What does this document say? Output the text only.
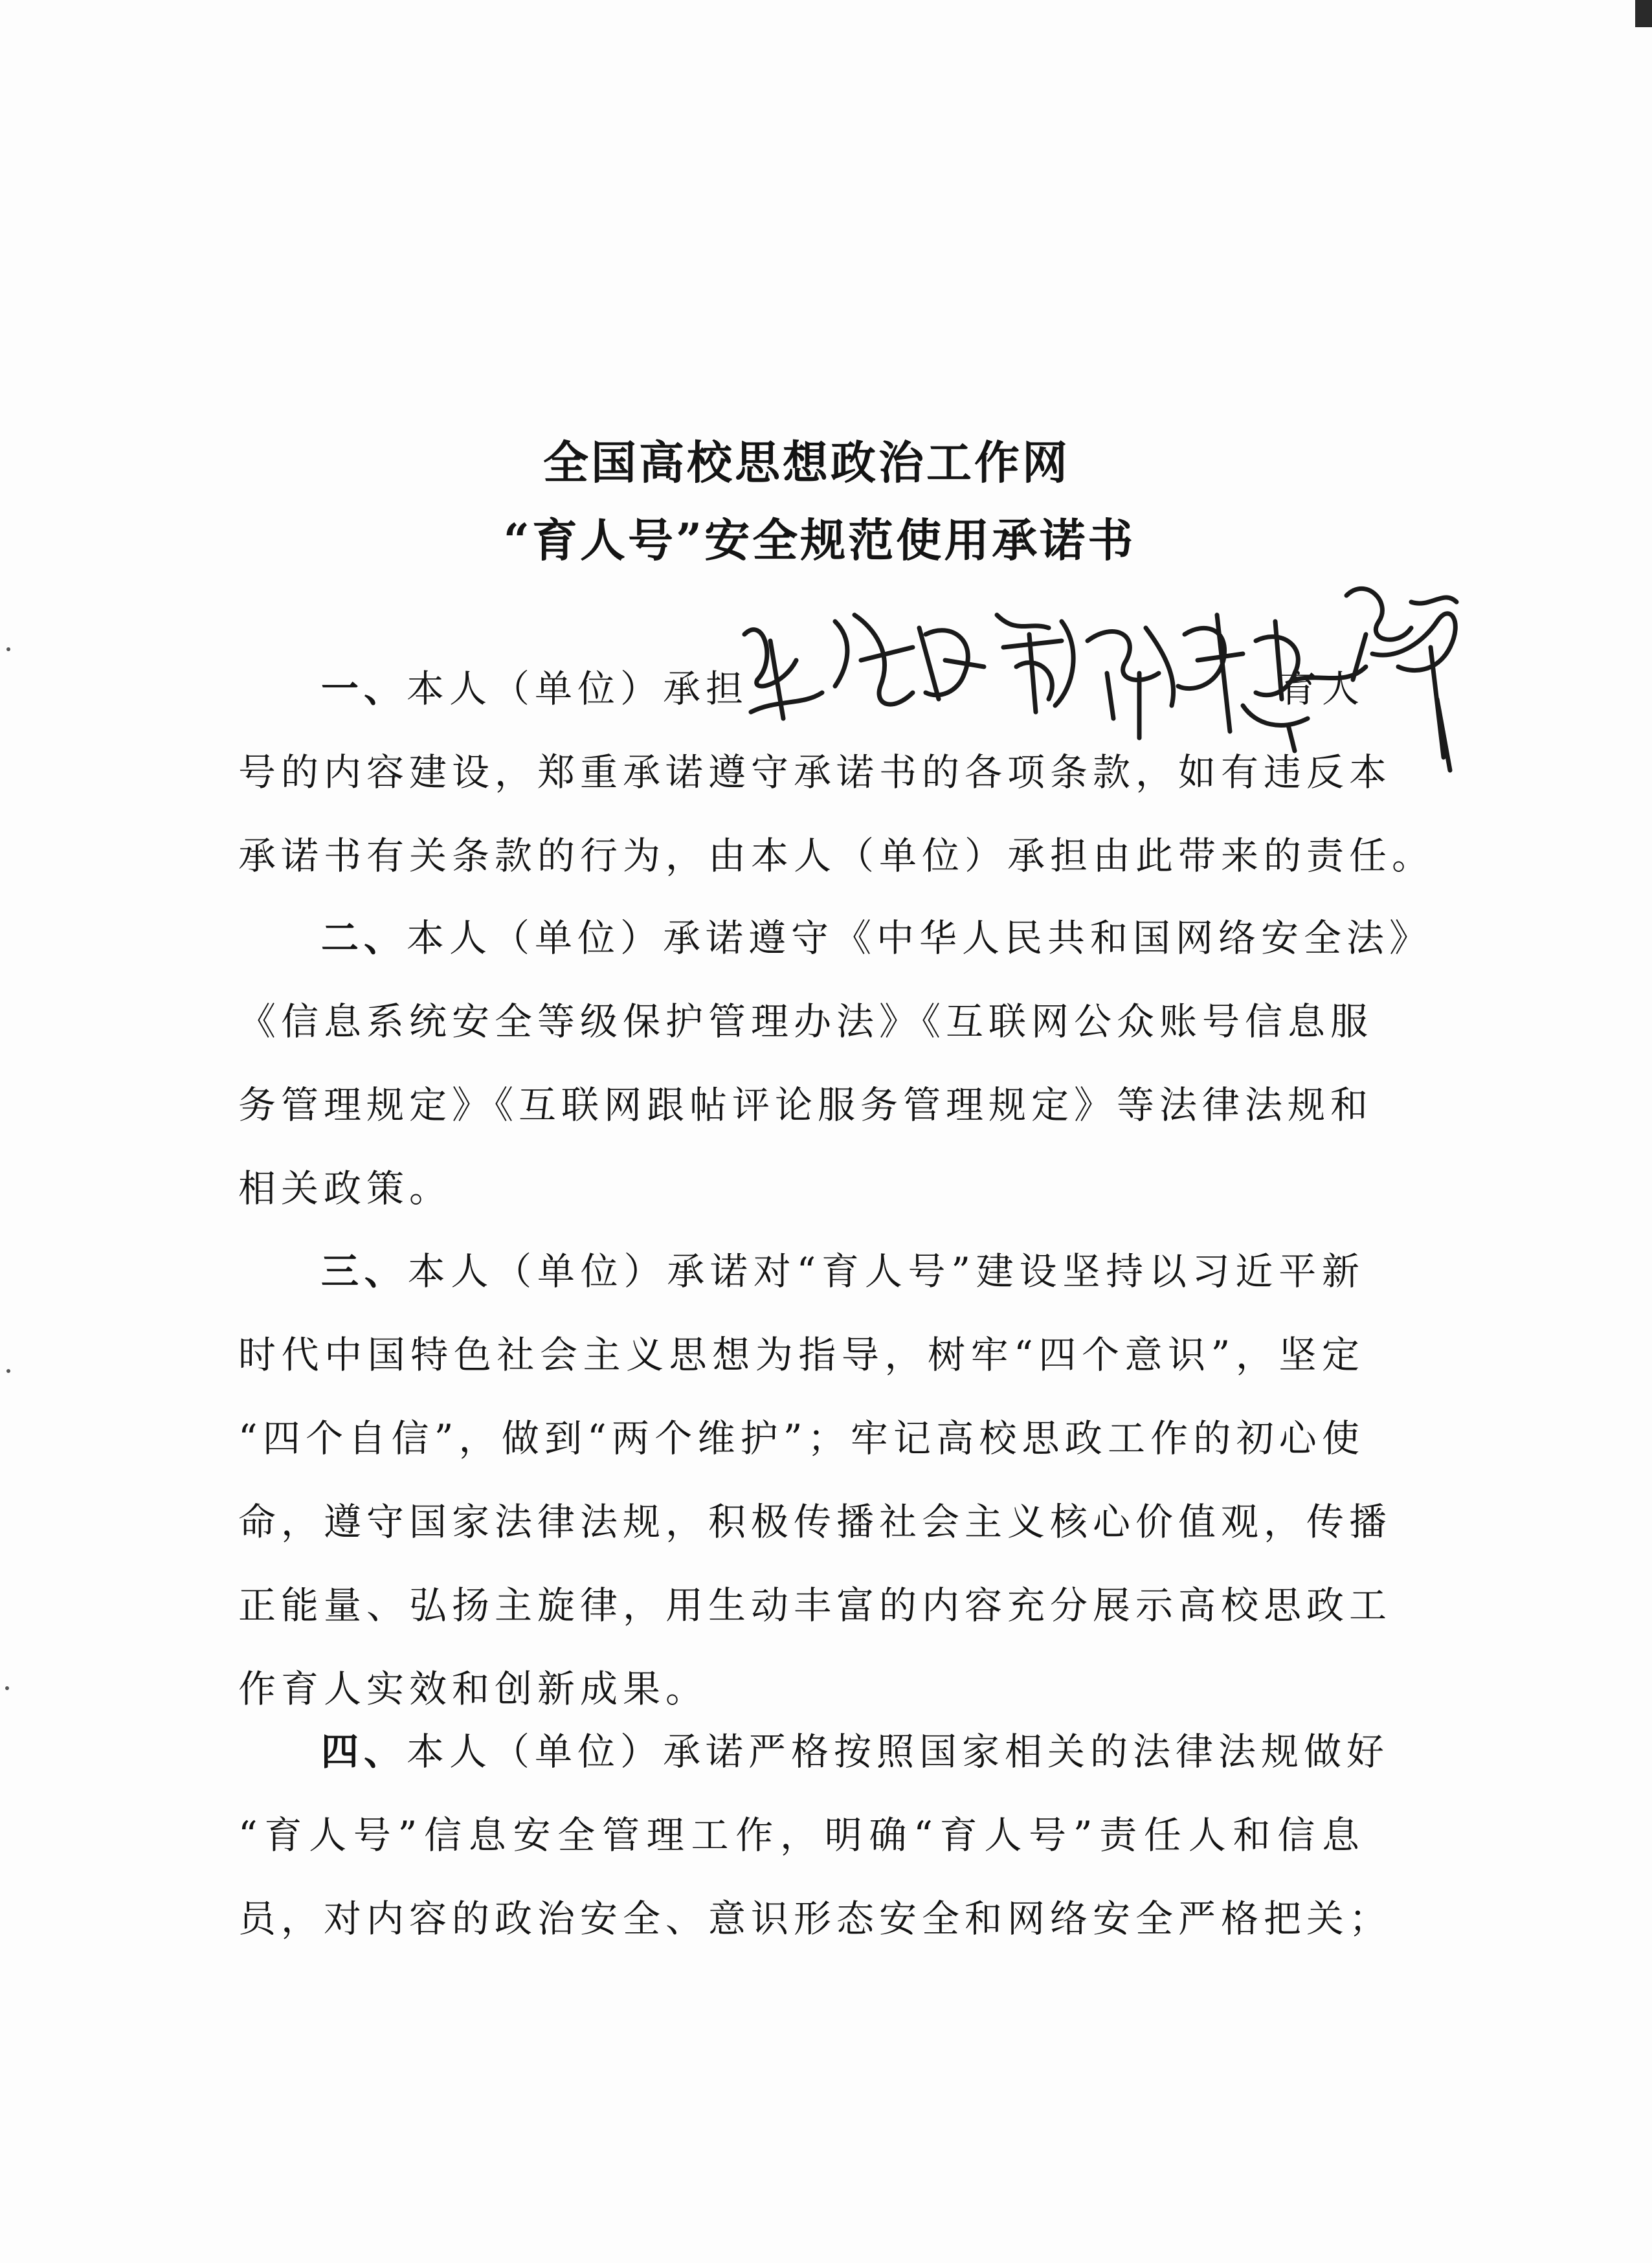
全国高校思想政治工作网
“育人号”安全规范使用承诺书
一、本人（单位）承担	育人
号的内容建设，郑重承诺遵守承诺书的各项条款，如有违反本
承诺书有关条款的行为，由本人（单位）承担由此带来的责任。
二、本人（单位）承诺遵守《中华人民共和国网络安全法》
《信息系统安全等级保护管理办法》《互联网公众账号信息服
务管理规定》《互联网跟帖评论服务管理规定》等法律法规和
相关政策。
三、本人（单位）承诺对“育人号”建设坚持以习近平新
时代中国特色社会主义思想为指导，树牢“四个意识”，坚定
“四个自信”，做到“两个维护”；牢记高校思政工作的初心使
命，遵守国家法律法规，积极传播社会主义核心价值观，传播
正能量、弘扬主旋律，用生动丰富的内容充分展示高校思政工
作育人实效和创新成果。
四、本人（单位）承诺严格按照国家相关的法律法规做好
“育人号”信息安全管理工作，明确“育人号”责任人和信息
员，对内容的政治安全、意识形态安全和网络安全严格把关；
